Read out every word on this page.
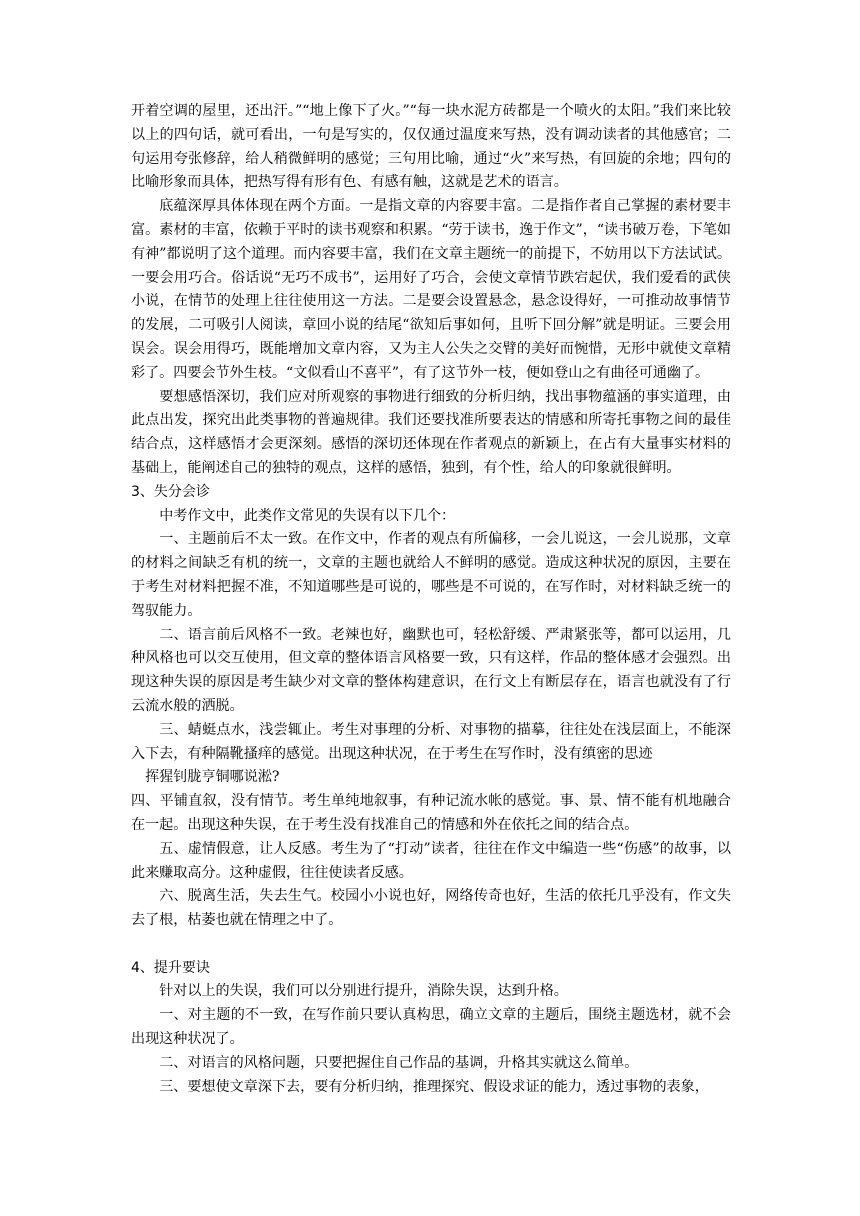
开着空调的屋里，还出汗。”“地上像下了火。”“每一块水泥方砖都是一个喷火的太阳。”我们来比较以上的四句话，就可看出，一句是写实的，仅仅通过温度来写热，没有调动读者的其他感官；二句运用夸张修辞，给人稍微鲜明的感觉；三句用比喻，通过“火”来写热，有回旋的余地；四句的比喻形象而具体，把热写得有形有色、有感有触，这就是艺术的语言。

底蕴深厚具体体现在两个方面。一是指文章的内容要丰富。二是指作者自己掌握的素材要丰富。素材的丰富，依赖于平时的读书观察和积累。“劳于读书，逸于作文”，“读书破万卷，下笔如有神”都说明了这个道理。而内容要丰富，我们在文章主题统一的前提下，不妨用以下方法试试。一要会用巧合。俗话说“无巧不成书”，运用好了巧合，会使文章情节跌宕起伏，我们爱看的武侠小说，在情节的处理上往往使用这一方法。二是要会设置悬念，悬念设得好，一可推动故事情节的发展，二可吸引人阅读，章回小说的结尾“欲知后事如何，且听下回分解”就是明证。三要会用误会。误会用得巧，既能增加文章内容，又为主人公失之交臂的美好而惋惜，无形中就使文章精彩了。四要会节外生枝。“文似看山不喜平”，有了这节外一枝，便如登山之有曲径可通幽了。

要想感悟深切，我们应对所观察的事物进行细致的分析归纳，找出事物蕴涵的事实道理，由此点出发，探究出此类事物的普遍规律。我们还要找准所要表达的情感和所寄托事物之间的最佳结合点，这样感悟才会更深刻。感悟的深切还体现在作者观点的新颖上，在占有大量事实材料的基础上，能阐述自己的独特的观点，这样的感悟，独到，有个性，给人的印象就很鲜明。

3、失分会诊

中考作文中，此类作文常见的失误有以下几个：

一、主题前后不太一致。在作文中，作者的观点有所偏移，一会儿说这，一会儿说那，文章的材料之间缺乏有机的统一，文章的主题也就给人不鲜明的感觉。造成这种状况的原因，主要在于考生对材料把握不准，不知道哪些是可说的，哪些是不可说的，在写作时，对材料缺乏统一的驾驭能力。

二、语言前后风格不一致。老辣也好，幽默也可，轻松舒缓、严肃紧张等，都可以运用，几种风格也可以交互使用，但文章的整体语言风格要一致，只有这样，作品的整体感才会强烈。出现这种失误的原因是考生缺少对文章的整体构建意识，在行文上有断层存在，语言也就没有了行云流水般的洒脱。

三、蜻蜓点水，浅尝辄止。考生对事理的分析、对事物的描摹，往往处在浅层面上，不能深入下去，有种隔靴搔痒的感觉。出现这种状况，在于考生在写作时，没有缜密的思迹

挥猩钊胧亨铜哪说淞?

四、平铺直叙，没有情节。考生单纯地叙事，有种记流水帐的感觉。事、景、情不能有机地融合在一起。出现这种失误，在于考生没有找准自己的情感和外在依托之间的结合点。

五、虚情假意，让人反感。考生为了“打动”读者，往往在作文中编造一些“伤感”的故事，以此来赚取高分。这种虚假，往往使读者反感。

六、脱离生活，失去生气。校园小小说也好，网络传奇也好，生活的依托几乎没有，作文失去了根，枯萎也就在情理之中了。

4、提升要诀

针对以上的失误，我们可以分别进行提升，消除失误，达到升格。

一、对主题的不一致，在写作前只要认真构思，确立文章的主题后，围绕主题选材，就不会出现这种状况了。

二、对语言的风格问题，只要把握住自己作品的基调，升格其实就这么简单。

三、要想使文章深下去，要有分析归纳，推理探究、假设求证的能力，透过事物的表象，
